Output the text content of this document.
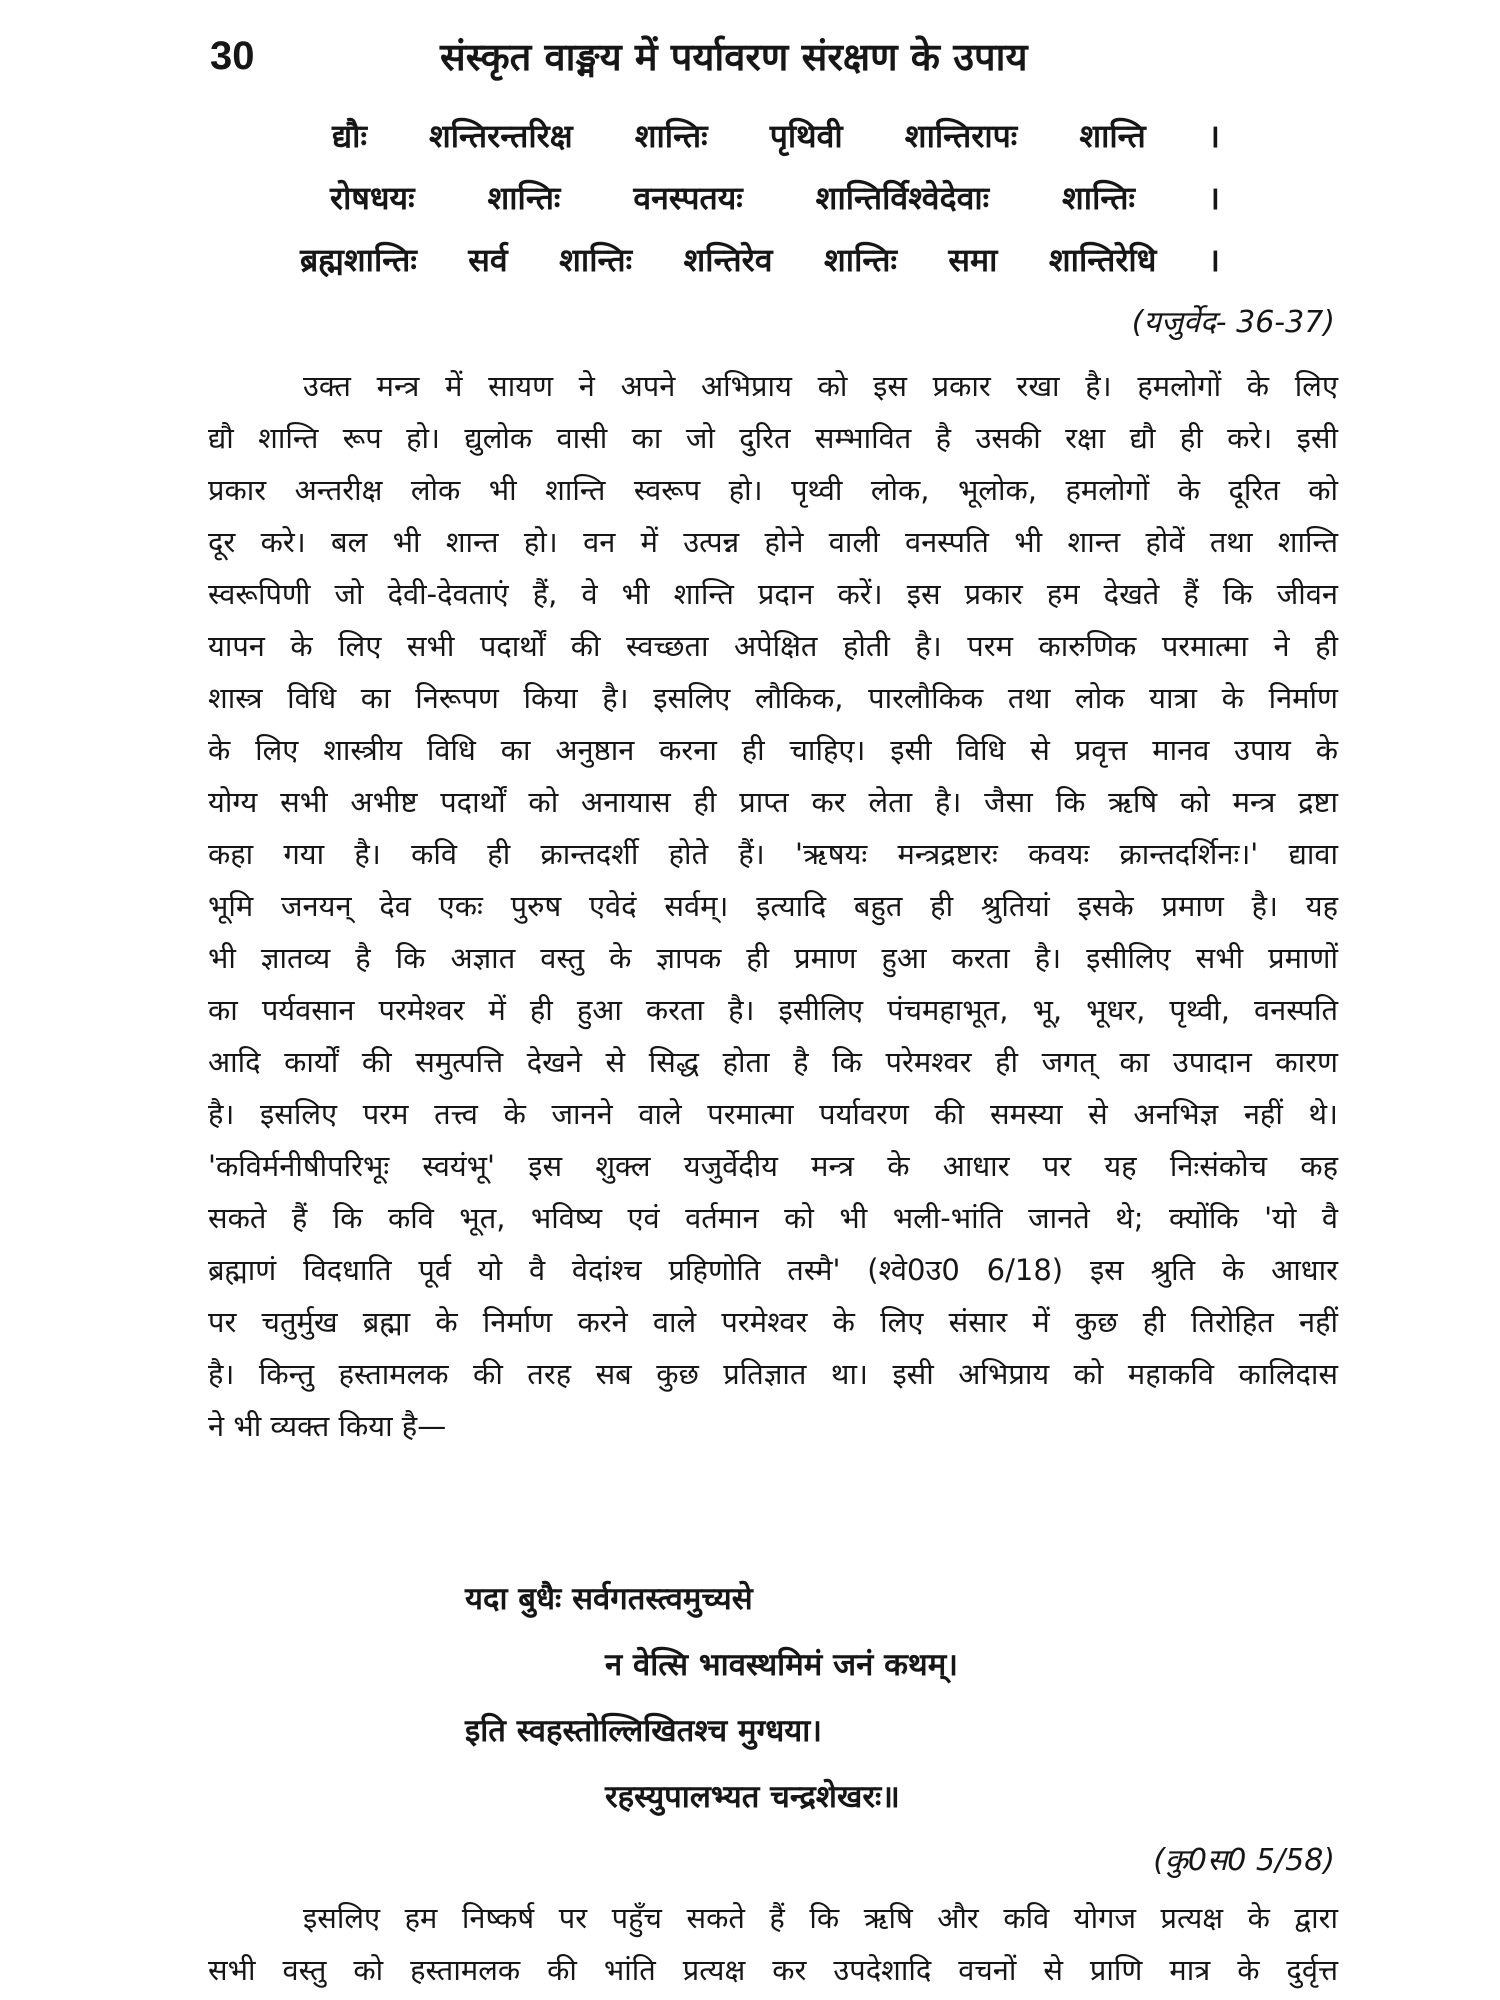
30	संस्कृत वाङ्मय में पर्यावरण संरक्षण के उपाय
द्यौः शन्तिरन्तरिक्ष शान्तिः पृथिवी शान्तिरापः शान्ति ।
रोषधयः शान्तिः वनस्पतयः शान्तिर्विश्वेदेवाः शान्तिः ।
ब्रह्मशान्तिः सर्व शान्तिः शन्तिरेव शान्तिः समा शान्तिरेधि ।
(यजुर्वेद- 36-37)
उक्त मन्त्र में सायण ने अपने अभिप्राय को इस प्रकार रखा है। हमलोगों के लिए
द्यौ शान्ति रूप हो। द्युलोक वासी का जो दुरित सम्भावित है उसकी रक्षा द्यौ ही करे। इसी
प्रकार अन्तरीक्ष लोक भी शान्ति स्वरूप हो। पृथ्वी लोक, भूलोक, हमलोगों के दूरित को
दूर करे। बल भी शान्त हो। वन में उत्पन्न होने वाली वनस्पति भी शान्त होवें तथा शान्ति
स्वरूपिणी जो देवी-देवताएं हैं, वे भी शान्ति प्रदान करें। इस प्रकार हम देखते हैं कि जीवन
यापन के लिए सभी पदार्थों की स्वच्छता अपेक्षित होती है। परम कारुणिक परमात्मा ने ही
शास्त्र विधि का निरूपण किया है। इसलिए लौकिक, पारलौकिक तथा लोक यात्रा के निर्माण
के लिए शास्त्रीय विधि का अनुष्ठान करना ही चाहिए। इसी विधि से प्रवृत्त मानव उपाय के
योग्य सभी अभीष्ट पदार्थों को अनायास ही प्राप्त कर लेता है। जैसा कि ऋषि को मन्त्र द्रष्टा
कहा गया है। कवि ही क्रान्तदर्शी होते हैं। 'ऋषयः मन्त्रद्रष्टारः कवयः क्रान्तदर्शिनः।' द्यावा
भूमि जनयन् देव एकः पुरुष एवेदं सर्वम्। इत्यादि बहुत ही श्रुतियां इसके प्रमाण है। यह
भी ज्ञातव्य है कि अज्ञात वस्तु के ज्ञापक ही प्रमाण हुआ करता है। इसीलिए सभी प्रमाणों
का पर्यवसान परमेश्वर में ही हुआ करता है। इसीलिए पंचमहाभूत, भू, भूधर, पृथ्वी, वनस्पति
आदि कार्यों की समुत्पत्ति देखने से सिद्ध होता है कि परेमश्वर ही जगत् का उपादान कारण
है। इसलिए परम तत्त्व के जानने वाले परमात्मा पर्यावरण की समस्या से अनभिज्ञ नहीं थे।
'कविर्मनीषीपरिभूः स्वयंभू' इस शुक्ल यजुर्वेदीय मन्त्र के आधार पर यह निःसंकोच कह
सकते हैं कि कवि भूत, भविष्य एवं वर्तमान को भी भली-भांति जानते थे; क्योंकि 'यो वै
ब्रह्माणं विदधाति पूर्व यो वै वेदांश्च प्रहिणोति तस्मै' (श्वे0उ0 6/18) इस श्रुति के आधार
पर चतुर्मुख ब्रह्मा के निर्माण करने वाले परमेश्वर के लिए संसार में कुछ ही तिरोहित नहीं
है। किन्तु हस्तामलक की तरह सब कुछ प्रतिज्ञात था। इसी अभिप्राय को महाकवि कालिदास
ने भी व्यक्त किया है—
यदा बुधैः सर्वगतस्त्वमुच्यसे
न वेत्सि भावस्थमिमं जनं कथम्।
इति स्वहस्तोल्लिखितश्च मुग्धया।
रहस्युपालभ्यत चन्द्रशेखरः॥
(कु0स0 5/58)
इसलिए हम निष्कर्ष पर पहुँच सकते हैं कि ऋषि और कवि योगज प्रत्यक्ष के द्वारा
सभी वस्तु को हस्तामलक की भांति प्रत्यक्ष कर उपदेशादि वचनों से प्राणि मात्र के दुर्वृत्त
